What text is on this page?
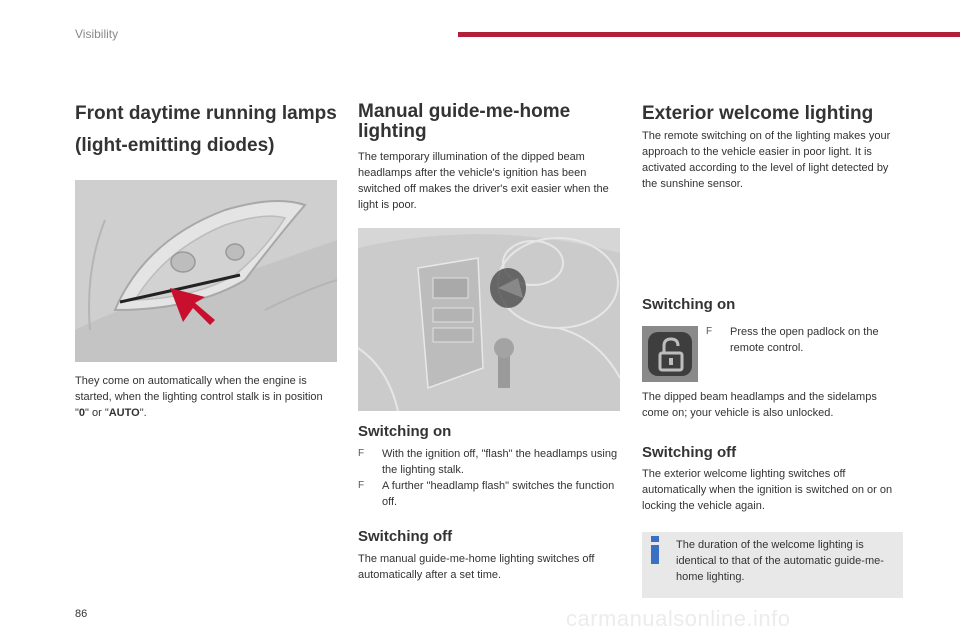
Visibility
Front daytime running lamps
(light-emitting diodes)
They come on automatically when the engine is started, when the lighting control stalk is in position "0" or "AUTO".
Manual guide-me-home
lighting
The temporary illumination of the dipped beam headlamps after the vehicle's ignition has been switched off makes the driver's exit easier when the light is poor.
Switching on
F	With the ignition off, "flash" the headlamps using the lighting stalk.
F	A further "headlamp flash" switches the function off.
Switching off
The manual guide-me-home lighting switches off automatically after a set time.
Exterior welcome lighting
The remote switching on of the lighting makes your approach to the vehicle easier in poor light. It is activated according to the level of light detected by the sunshine sensor.
Switching on
F	Press the open padlock on the remote control.
The dipped beam headlamps and the sidelamps come on; your vehicle is also unlocked.
Switching off
The exterior welcome lighting switches off automatically when the ignition is switched on or on locking the vehicle again.
The duration of the welcome lighting is identical to that of the automatic guide-me-home lighting.
86	carmanualsonline.info
